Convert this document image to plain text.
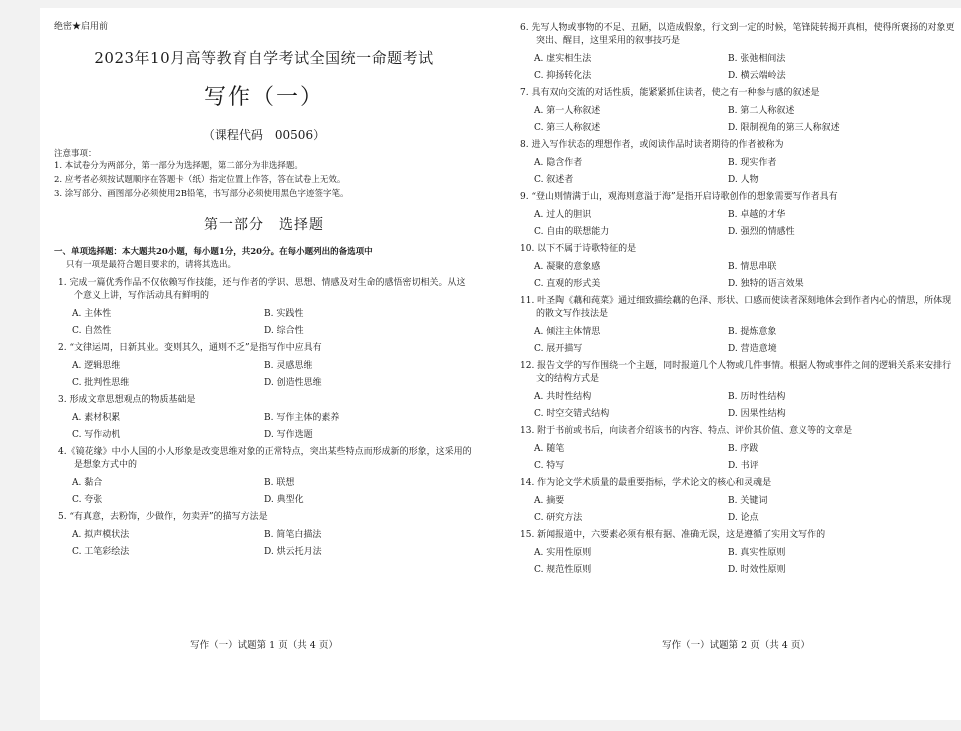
绝密★启用前
2023年10月高等教育自学考试全国统一命题考试
写作（一）
（课程代码　00506）
注意事项：
1. 本试卷分为两部分，第一部分为选择题，第二部分为非选择题。
2. 应考者必须按试题顺序在答题卡（纸）指定位置上作答，答在试卷上无效。
3. 涂写部分、画图部分必须使用2B铅笔，书写部分必须使用黑色字迹签字笔。
第一部分　选择题
一、单项选择题：本大题共20小题，每小题1分，共20分。在每小题列出的备选项中
只有一项是最符合题目要求的，请将其选出。
1. 完成一篇优秀作品不仅依赖写作技能，还与作者的学识、思想、情感及对生命的感悟密切相关。从这个意义上讲，写作活动具有鲜明的
A. 主体性	B. 实践性
C. 自然性	D. 综合性
2. “文律运周，日新其业。变则其久，通则不乏”是指写作中应具有
A. 逻辑思维	B. 灵感思维
C. 批判性思维	D. 创造性思维
3. 形成文章思想观点的物质基础是
A. 素材积累	B. 写作主体的素养
C. 写作动机	D. 写作选题
4.《镜花缘》中小人国的小人形象是改变思维对象的正常特点，突出某些特点而形成新的形象，这采用的是想象方式中的
A. 黏合	B. 联想
C. 夸张	D. 典型化
5. “有真意，去粉饰，少做作，勿卖弄”的描写方法是
A. 拟声模状法	B. 简笔白描法
C. 工笔彩绘法	D. 烘云托月法
写作（一）试题第 1 页（共 4 页）
6. 先写人物或事物的不足、丑陋，以造成假象，行文到一定的时候，笔锋陡转揭开真相，使得所褒扬的对象更突出、醒目，这里采用的叙事技巧是
A. 虚实相生法	B. 张弛相间法
C. 抑扬转化法	D. 横云端岭法
7. 具有双向交流的对话性质，能紧紧抓住读者，使之有一种参与感的叙述是
A. 第一人称叙述	B. 第二人称叙述
C. 第三人称叙述	D. 限制视角的第三人称叙述
8. 进入写作状态的理想作者，或阅读作品时读者期待的作者被称为
A. 隐含作者	B. 现实作者
C. 叙述者	D. 人物
9. “登山则情满于山，观海则意溢于海”是指开启诗歌创作的想象需要写作者具有
A. 过人的胆识	B. 卓越的才华
C. 自由的联想能力	D. 强烈的情感性
10. 以下不属于诗歌特征的是
A. 凝聚的意象感	B. 情思串联
C. 直观的形式美	D. 独特的语言效果
11. 叶圣陶《藕和莼菜》通过细致描绘藕的色泽、形状、口感而使读者深刻地体会到作者内心的情思，所体现的散文写作技法是
A. 倾注主体情思	B. 提炼意象
C. 展开描写	D. 营造意境
12. 报告文学的写作围绕一个主题，同时报道几个人物或几件事情。根据人物或事件之间的逻辑关系来安排行文的结构方式是
A. 共时性结构	B. 历时性结构
C. 时空交错式结构	D. 因果性结构
13. 附于书前或书后，向读者介绍该书的内容、特点、评价其价值、意义等的文章是
A. 随笔	B. 序跋
C. 特写	D. 书评
14. 作为论文学术质量的最重要指标，学术论文的核心和灵魂是
A. 摘要	B. 关键词
C. 研究方法	D. 论点
15. 新闻报道中，六要素必须有根有据、准确无误，这是遵循了实用文写作的
A. 实用性原则	B. 真实性原则
C. 规范性原则	D. 时效性原则
写作（一）试题第 2 页（共 4 页）
